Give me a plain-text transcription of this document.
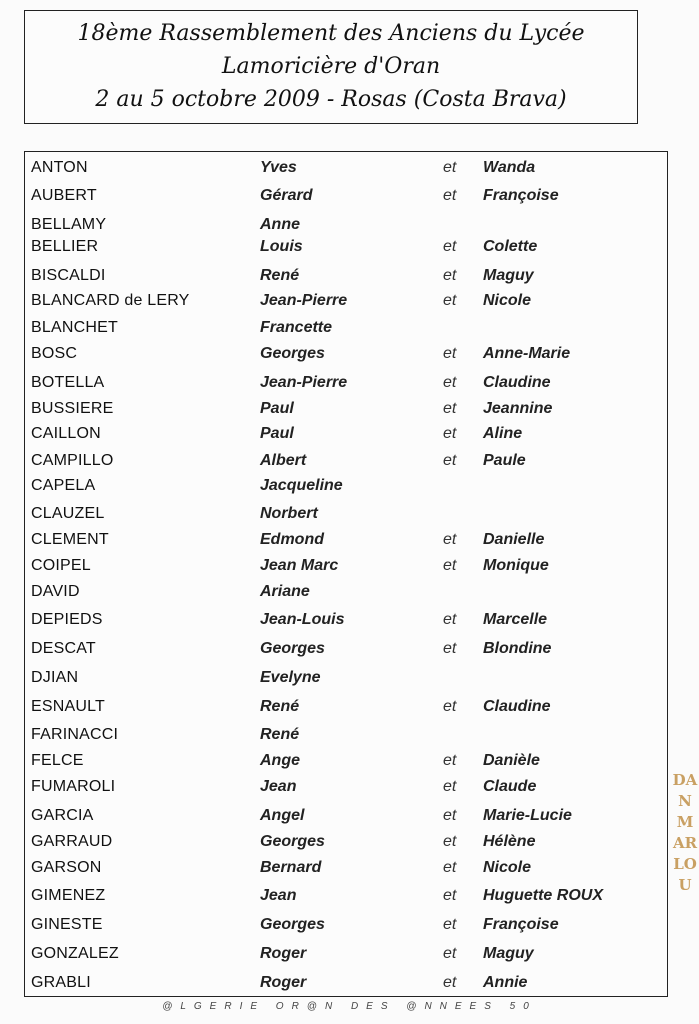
18ème Rassemblement des Anciens du Lycée
Lamoricière d'Oran
2 au 5 octobre 2009 - Rosas (Costa Brava)
ANTON	Yves	et Wanda
AUBERT	Gérard	et Françoise
BELLAMY	Anne
BELLIER	Louis	et Colette
BISCALDI	René	et Maguy
BLANCARD de LERY	Jean-Pierre	et Nicole
BLANCHET	Francette
BOSC	Georges	et Anne-Marie
BOTELLA	Jean-Pierre	et Claudine
BUSSIERE	Paul	et Jeannine
CAILLON	Paul	et Aline
CAMPILLO	Albert	et Paule
CAPELA	Jacqueline
CLAUZEL	Norbert
CLEMENT	Edmond	et Danielle
COIPEL	Jean Marc	et Monique
DAVID	Ariane
DEPIEDS	Jean-Louis	et Marcelle
DESCAT	Georges	et Blondine
DJIAN	Evelyne
ESNAULT	René	et Claudine
FARINACCI	René
FELCE	Ange	et Danièle
FUMAROLI	Jean	et Claude
GARCIA	Angel	et Marie-Lucie
GARRAUD	Georges	et Hélène
GARSON	Bernard	et Nicole
GIMENEZ	Jean	et Huguette ROUX
GINESTE	Georges	et Françoise
GONZALEZ	Roger	et Maguy
GRABLI	Roger	et Annie
DANMARLOU
@LGERIE OR@N DES @NNEES 50
